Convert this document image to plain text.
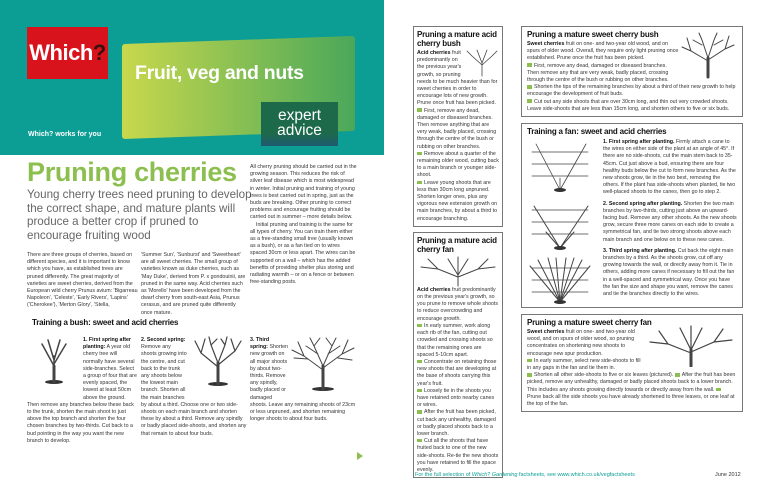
Which ?
Fruit, veg and nuts
expert
advice
Which? works for you
Pruning cherries
Young cherry trees need pruning to develop the correct shape, and mature plants will produce a better crop if pruned to encourage fruiting wood
There are three groups of cherries, based on different species, and it is important to know which you have, as established trees are pruned differently. The great majority of varieties are sweet cherries, derived from the European wild cherry Prunus avium: 'Bigarreau Napoleon', 'Celeste', 'Early Rivers', 'Lapins' ('Cherokee'), 'Merton Glory', 'Stella,
'Summer Sun', 'Sunburst' and 'Sweetheart' are all sweet cherries. The small group of varieties known as duke cherries, such as 'May Duke', derived from P. x gondouinii, are pruned in the same way. Acid cherries such as 'Morello' have been developed from the dwarf cherry from south-east Asia, Prunus cerasus, and are pruned quite differently once mature.
All cherry pruning should be carried out in the growing season. This reduces the risk of silver leaf disease which is most widespread in winter. Initial pruning and training of young trees is best carried out in spring, just as the buds are breaking. Other pruning to correct problems and encourage fruiting should be carried out in summer – more details below.
Initial pruning and training is the same for all types of cherry. You can train them either as a free-standing small tree (usually known as a bush), or as a fan tied on to wires spaced 30cm or less apart. The wires can be supported on a wall – which has the added benefits of providing shelter plus storing and radiating warmth – or on a fence or between free-standing posts.
Training a bush: sweet and acid cherries
1. First spring after planting: A year old cherry tree will normally have several side-branches. Select a group of four that are evenly spaced, the lowest at least 50cm above the ground. Then remove any branches below these back to the trunk, shorten the main shoot to just above the top branch and shorten the four chosen branches by two-thirds. Cut back to a bud pointing in the way you want the new branch to develop.
2. Second spring: Remove any shoots growing into the centre, and cut back to the trunk any shoots below the lowest main branch. Shorten all the main branches by about a third. Choose one or two side-shoots on each main branch and shorten these by about a third. Remove any spindly or badly placed side-shoots, and shorten any that remain to about four buds.
3. Third spring: Shorten new growth on all major shoots by about two-thirds. Remove any spindly, badly placed or damaged shoots. Leave any remaining shoots of 23cm or less unpruned, and shorten remaining longer shoots to about four buds.
Pruning a mature acid cherry bush
Acid cherries fruit predominantly on the previous year's growth, so pruning needs to be much heavier than for sweet cherries in order to encourage lots of new growth. Prune once fruit has been picked.
First, remove any dead, damaged or diseased branches. Then remove anything that are very weak, badly placed, crossing through the centre of the bush or rubbing on other branches.
Remove about a quarter of the remaining older wood, cutting back to a main branch or younger side-shoot.
Leave young shoots that are less than 30cm long unpruned. Shorten longer ones, plus any vigorous new extension growth on main branches, by about a third to encourage branching.
Pruning a mature acid cherry fan
Acid cherries fruit predominantly on the previous year's growth, so you prune to remove whole shoots to reduce overcrowding and encourage growth.
In early summer, work along each rib of the fan, cutting out crowded and crossing shoots so that the remaining ones are spaced 5-10cm apart.
Concentrate on retaining those new shoots that are developing at the base of shoots carrying this year's fruit.
Loosely tie in the shoots you have retained onto nearby canes or wires.
After the fruit has been picked, cut back any unhealthy, damaged or badly placed shoots back to a lower branch.
Cut all the shoots that have fruited back to one of the new side-shoots. Re-tie the new shoots you have retained to fill the space evenly.
Pruning a mature sweet cherry bush
Sweet cherries fruit on one- and two-year old wood, and on spurs of older wood. Overall, they require only light pruning once established. Prune once the fruit has been picked.
First, remove any dead, damaged or diseased branches. Then remove any that are very weak, badly placed, crossing through the centre of the bush or rubbing on other branches.
Shorten the tips of the remaining branches by about a third of their new growth to help encourage the development of fruit buds.
Cut out any side shoots that are over 30cm long, and thin out very crowded shoots. Leave side-shoots that are less than 15cm long, and shorten others to five or six buds.
Training a fan: sweet and acid cherries
1. First spring after planting. Firmly attach a cane to the wires on either side of the plant at an angle of 45°. If there are no side-shoots, cut the main stem back to 35-45cm. Cut just above a bud, ensuring there are four healthy buds below the cut to form new branches. As the new shoots grow, tie in the two best, removing the others. If the plant has side-shoots when planted, tie two well-placed shoots to the canes, then go to step 2.
2. Second spring after planting. Shorten the two main branches by two-thirds, cutting just above an upward-facing bud. Remove any other shoots. As the new shoots grow, secure three more canes on each side to create a symmetrical fan, and tie two strong shoots above each main branch and one below on to these new canes.
3. Third spring after planting. Cut back the eight main branches by a third. As the shoots grow, cut off any growing towards the wall, or directly away from it. Tie in others, adding more canes if necessary to fill out the fan in a well-spaced and symmetrical way. Once you have the fan the size and shape you want, remove the canes and tie the branches directly to the wires.
Pruning a mature sweet cherry fan
Sweet cherries fruit on one- and two-year old wood, and on spurs of older wood, so pruning concentrates on shortening new shoots to encourage new spur production.
In early summer, select new side-shoots to fill in any gaps in the fan and tie them in.
Shorten all other side-shoots to five or six leaves (pictured). After the fruit has been picked, remove any unhealthy, damaged or badly placed shoots back to a lower branch. This includes any shoots growing directly towards or directly away from the wall. Prune back all the side shoots you have already shortened to three leaves, or one leaf at the top of the fan.
For the full selection of Which? Gardening factsheets, see www.which.co.uk/vegfactsheets	June 2012
